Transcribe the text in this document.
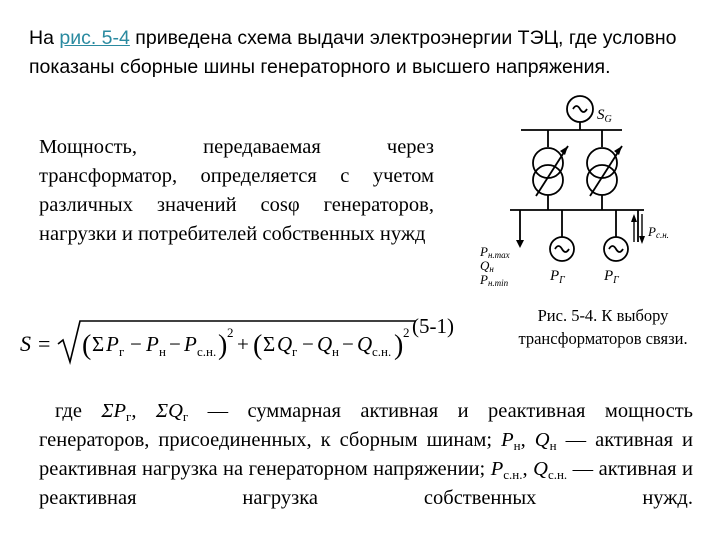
На рис. 5-4 приведена схема выдачи электроэнергии ТЭЦ, где условно показаны сборные шины генераторного и высшего напряжения.
Мощность, передаваемая через трансформатор, определяется с учетом различных значений cosφ генераторов, нагрузки и потребителей собственных нужд
S = ( Σ P г − P н − P с.н. ) 2 + ( Σ Q г − Q н − Q с.н. ) 2 (5-1)
$S_G$
Pн.max
Qн
Pн.min	$P_Г$	$P_Г$
Pс.н.
Рис. 5-4. К выбору
трансформаторов связи.
где $\Sigma P_г$, $\Sigma Q_г$ — суммарная активная и реактивная мощность генераторов, присоединенных, к сборным шинам; $P_н$, $Q_н$ — активная и реактивная нагрузка на генераторном напряжении; $P_{с.н.}$, $Q_{с.н.}$ — активная и реактивная нагрузка собственных нужд.
